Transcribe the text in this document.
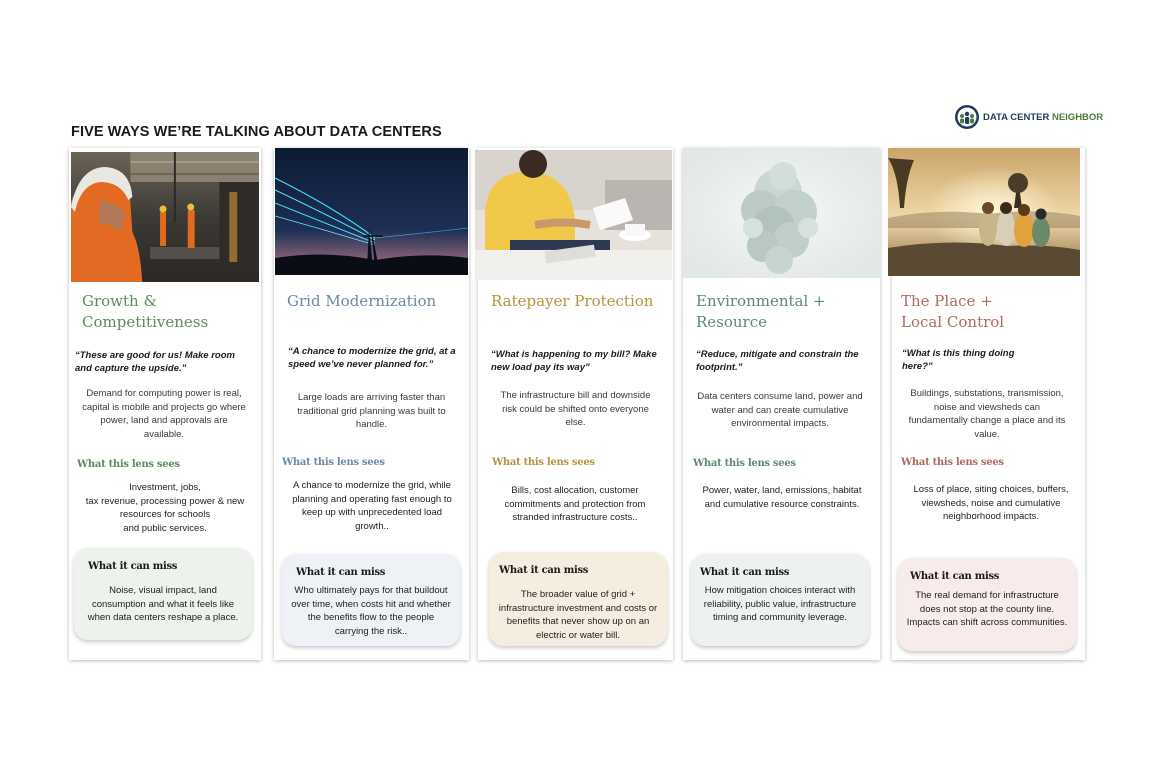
FIVE WAYS WE’RE TALKING ABOUT DATA CENTERS
DATA CENTER NEIGHBOR
Growth &
Competitiveness
“These are good for us! Make room and capture the upside.”
Demand for computing power is real, capital is mobile and projects go where power, land and approvals are available.
What this lens sees
Investment, jobs,
tax revenue, processing power & new resources for schools
and public services.
What it can miss
Noise, visual impact, land consumption and what it feels like when data centers reshape a place.
Grid Modernization
“A chance to modernize the grid, at a speed we’ve never planned for.”
Large loads are arriving faster than traditional grid planning was built to handle.
What this lens sees
A chance to modernize the grid, while planning and operating fast enough to keep up with unprecedented load growth..
What it can miss
Who ultimately pays for that buildout over time, when costs hit and whether the benefits flow to the people carrying the risk..
Ratepayer Protection
“What is happening to my bill? Make new load pay its way”
The infrastructure bill and downside risk could be shifted onto everyone else.
What this lens sees
Bills, cost allocation, customer commitments and protection from stranded infrastructure costs..
What it can miss
The broader value of grid + infrastructure investment and costs or benefits that never show up on an electric or water bill.
Environmental +
Resource
“Reduce, mitigate and constrain the footprint.”
Data centers consume land, power and water and can create cumulative environmental impacts.
What this lens sees
Power, water, land, emissions, habitat and cumulative resource constraints.
What it can miss
How mitigation choices interact with reliability, public value, infrastructure timing and community leverage.
The Place +
Local Control
“What is this thing doing here?”
Buildings, substations, transmission, noise and viewsheds can fundamentally change a place and its value.
What this lens sees
Loss of place, siting choices, buffers, viewsheds, noise and cumulative neighborhood impacts.
What it can miss
The real demand for infrastructure does not stop at the county line. Impacts can shift across communities.
